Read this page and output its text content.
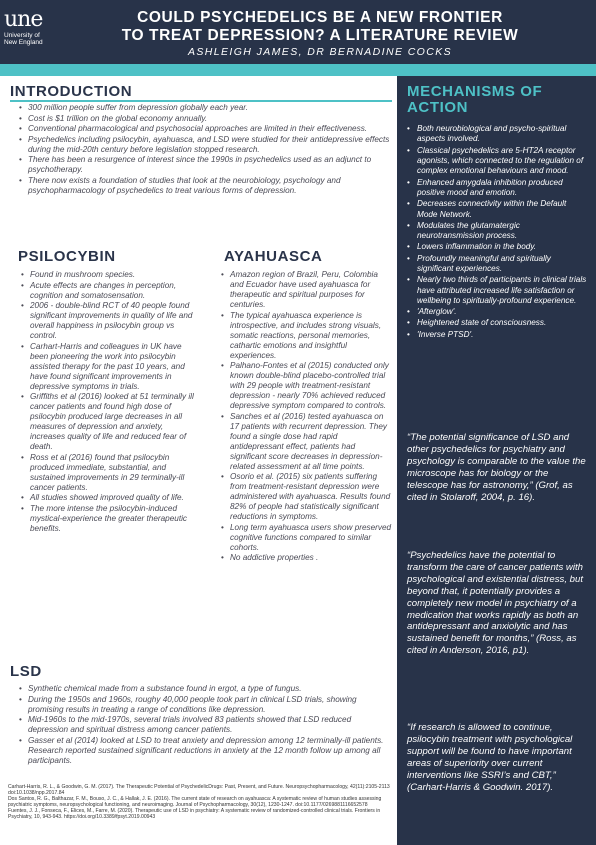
une
University of
New England
COULD PSYCHEDELICS BE A NEW FRONTIER
TO TREAT DEPRESSION? A LITERATURE REVIEW
ASHLEIGH JAMES, DR BERNADINE COCKS
INTRODUCTION
• 300 million people suffer from depression globally each year.
• Cost is $1 trillion on the global economy annually.
• Conventional pharmacological and psychosocial approaches are limited in their effectiveness.
• Psychedelics including psilocybin, ayahuasca, and LSD were studied for their antidepressive effects during the mid-20th century before legislation stopped research.
• There has been a resurgence of interest since the 1990s in psychedelics used as an adjunct to psychotherapy.
• There now exists a foundation of studies that look at the neurobiology, psychology and psychopharmacology of psychedelics to treat various forms of depression.
PSILOCYBIN
• Found in mushroom species.
• Acute effects are changes in perception, cognition and somatosensation.
• 2006 - double-blind RCT of 40 people found significant improvements in quality of life and overall happiness in psilocybin group vs control.
• Carhart-Harris and colleagues in UK have been pioneering the work into psilocybin assisted therapy for the past 10 years, and have found significant improvements in depressive symptoms in trials.
• Griffiths et al (2016) looked at 51 terminally ill cancer patients and found high dose of psilocybin produced large decreases in all measures of depression and anxiety, increases quality of life and reduced fear of death.
• Ross et al (2016) found that psilocybin produced immediate, substantial, and sustained improvements in 29 terminally-ill cancer patients.
• All studies showed improved quality of life.
• The more intense the psilocybin-induced mystical-experience the greater therapeutic benefits.
AYAHUASCA
• Amazon region of Brazil, Peru, Colombia and Ecuador have used ayahuasca for therapeutic and spiritual purposes for centuries.
• The typical ayahuasca experience is introspective, and includes strong visuals, somatic reactions, personal memories, cathartic emotions and insightful experiences.
• Palhano-Fontes et al (2015) conducted only known double-blind placebo-controlled trial with 29 people with treatment-resistant depression - nearly 70% achieved reduced depressive symptom compared to controls.
• Sanches et al (2016) tested ayahuasca on 17 patients with recurrent depression. They found a single dose had rapid antidepressant effect, patients had significant score decreases in depression-related assessment at all time points.
• Osorio et al. (2015) six patients suffering from treatment-resistant depression were administered with ayahuasca. Results found 82% of people had statistically significant reductions in symptoms.
• Long term ayahuasca users show preserved cognitive functions compared to similar cohorts.
• No addictive properties .
LSD
• Synthetic chemical made from a substance found in ergot, a type of fungus.
• During the 1950s and 1960s, roughy 40,000 people took part in clinical LSD trials, showing promising results in treating a range of conditions like depression.
• Mid-1960s to the mid-1970s, several trials involved 83 patients showed that LSD reduced depression and spiritual distress among cancer patients.
• Gasser et al (2014) looked at LSD to treat anxiety and depression among 12 terminally-ill patients. Research reported sustained significant reductions in anxiety at the 12 month follow up among all participants.

Carhart-Harris, R. L., & Goodwin, G. M. (2017). The Therapeutic Potential of PsychedelicDrugs: Past, Present, and Future. Neuropsychopharmacology, 42(11):2105-2113 doi:10.1038/npp.2017.84

Dos Santos, R. G., Balthazar, F. M., Bouso, J. C., & Hallak, J. E. (2016). The current state of research on ayahuasca: A systematic review of human studies assessing psychiatric symptoms, neuropsychological functioning, and neuroimaging. Journal of Psychopharmacology, 30(12), 1230-1247. doi:10.1177/0269881116652578

Fuentes, J. J., Fonseca, F., Elices, M., Farre, M. (2020). Therapeutic use of LSD in psychiatry: A systematic review of randomized-controlled clinical trials. Frontiers in Psychiatry, 10, 943-943. https://doi.org/10.3389/fpsyt.2019.00943

MECHANISMS OF
ACTION
• Both neurobiological and psycho-spiritual aspects involved.
• Classical psychedelics are 5-HT2A receptor agonists, which connected to the regulation of complex emotional behaviours and mood.
• Enhanced amygdala inhibition produced positive mood and emotion.
• Decreases connectivity within the Default Mode Network.
• Modulates the glutamatergic neurotransmission process.
• Lowers inflammation in the body.
• Profoundly meaningful and spiritually significant experiences.
• Nearly two thirds of participants in clinical trials have attributed increased life satisfaction or wellbeing to spiritually-profound experience.
• 'Afterglow'.
• Heightened state of consciousness.
• 'Inverse PTSD'.
“The potential significance of LSD and other psychedelics for psychiatry and psychology is comparable to the value the microscope has for biology or the telescope has for astronomy,” (Grof, as cited in Stolaroff, 2004, p. 16).
“Psychedelics have the potential to transform the care of cancer patients with psychological and existential distress, but beyond that, it potentially provides a completely new model in psychiatry of a medication that works rapidly as both an antidepressant and anxiolytic and has sustained benefit for months,” (Ross, as cited in Anderson, 2016, p1).
“If research is allowed to continue, psilocybin treatment with psychological support will be found to have important areas of superiority over current interventions like SSRI’s and CBT,” (Carhart-Harris & Goodwin. 2017).
